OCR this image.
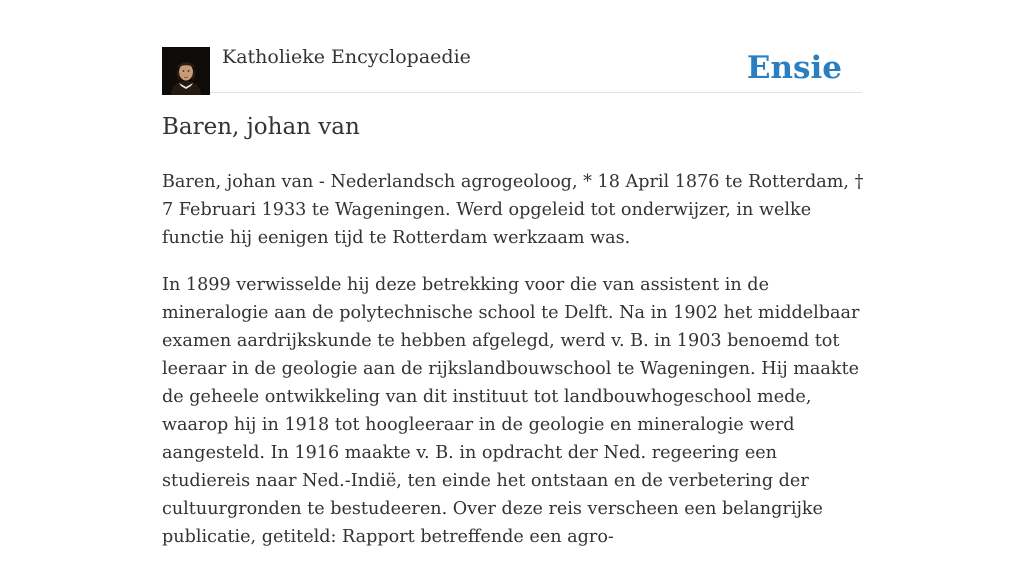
Katholieke Encyclopaedie	Ensie
Baren, johan van

Baren, johan van - Nederlandsch agrogeoloog, * 18 April 1876 te Rotterdam, † 7 Februari 1933 te Wageningen. Werd opgeleid tot onderwijzer, in welke functie hij eenigen tijd te Rotterdam werkzaam was.

In 1899 verwisselde hij deze betrekking voor die van assistent in de mineralogie aan de polytechnische school te Delft. Na in 1902 het middelbaar examen aardrijkskunde te hebben afgelegd, werd v. B. in 1903 benoemd tot leeraar in de geologie aan de rijkslandbouwschool te Wageningen. Hij maakte de geheele ontwikkeling van dit instituut tot landbouwhogeschool mede, waarop hij in 1918 tot hoogleeraar in de geologie en mineralogie werd aangesteld. In 1916 maakte v. B. in opdracht der Ned. regeering een studiereis naar Ned.-Indië, ten einde het ontstaan en de verbetering der cultuurgronden te bestudeeren. Over deze reis verscheen een belangrijke publicatie, getiteld: Rapport betreffende een agro-
